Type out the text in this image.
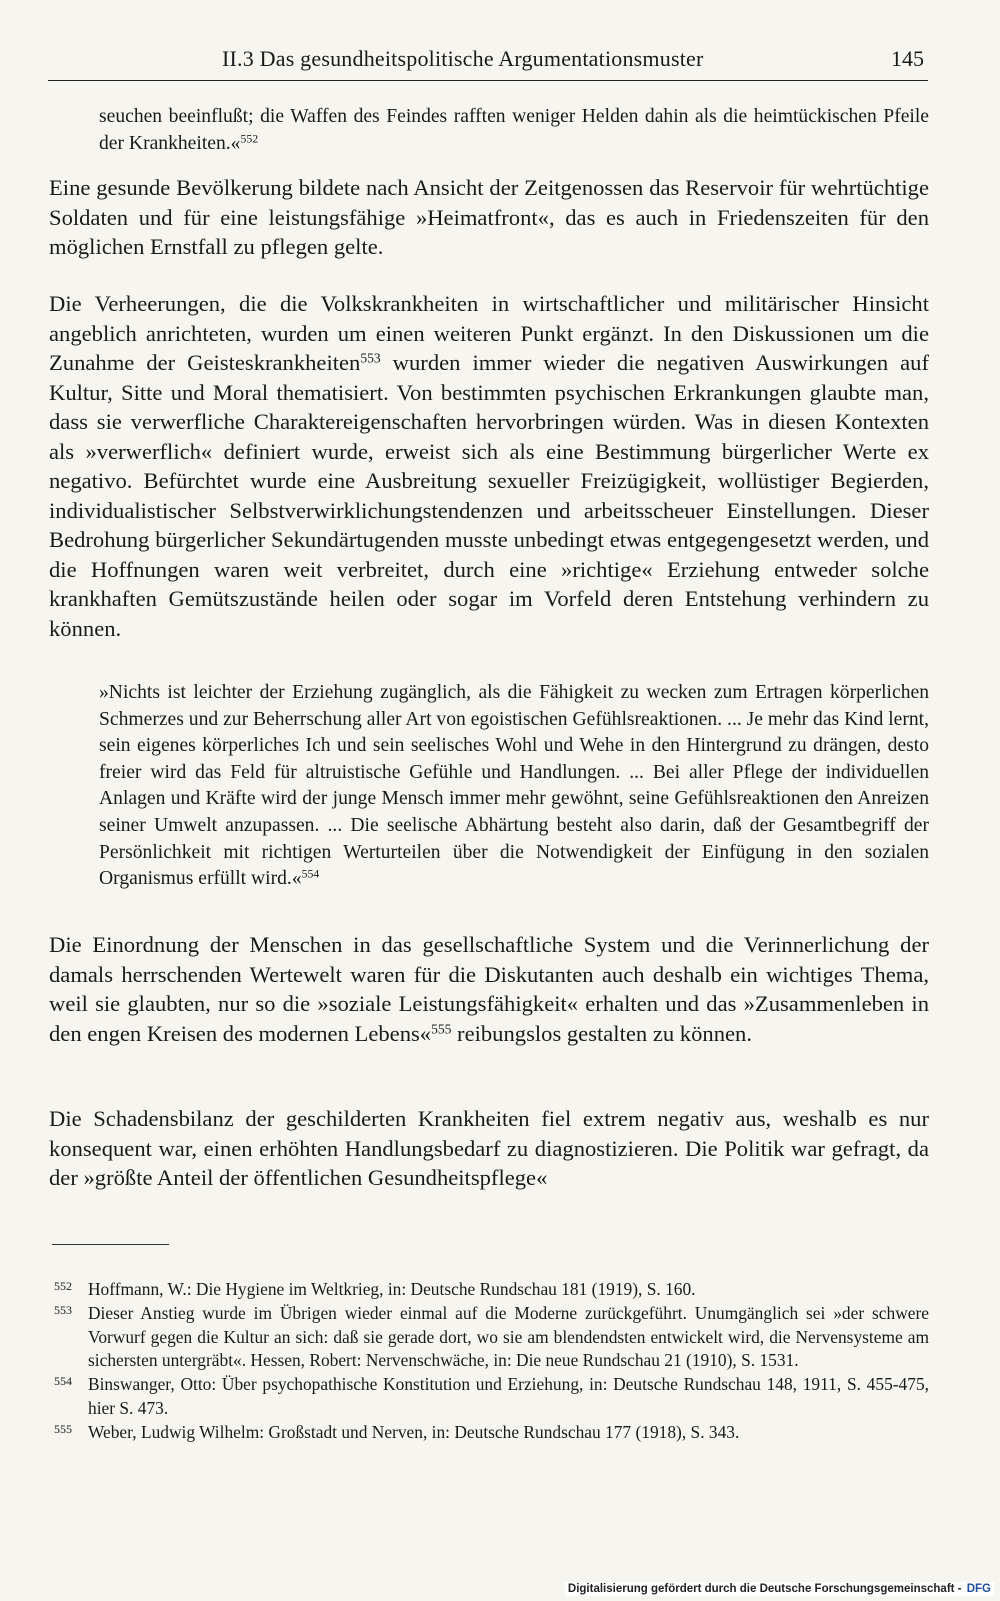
II.3 Das gesundheitspolitische Argumentationsmuster	145

seuchen beeinflußt; die Waffen des Feindes rafften weniger Helden dahin als die heimtückischen Pfeile der Krankheiten.«$^{552}$

Eine gesunde Bevölkerung bildete nach Ansicht der Zeitgenossen das Reservoir für wehrtüchtige Soldaten und für eine leistungsfähige »Heimatfront«, das es auch in Friedenszeiten für den möglichen Ernstfall zu pflegen gelte.

Die Verheerungen, die die Volkskrankheiten in wirtschaftlicher und militärischer Hinsicht angeblich anrichteten, wurden um einen weiteren Punkt ergänzt. In den Diskussionen um die Zunahme der Geisteskrankheiten$^{553}$ wurden immer wieder die negativen Auswirkungen auf Kultur, Sitte und Moral thematisiert. Von bestimmten psychischen Erkrankungen glaubte man, dass sie verwerfliche Charaktereigenschaften hervorbringen würden. Was in diesen Kontexten als »verwerflich« definiert wurde, erweist sich als eine Bestimmung bürgerlicher Werte ex negativo. Befürchtet wurde eine Ausbreitung sexueller Freizügigkeit, wollüstiger Begierden, individualistischer Selbstverwirklichungstendenzen und arbeitsscheuer Einstellungen. Dieser Bedrohung bürgerlicher Sekundärtugenden musste unbedingt etwas entgegengesetzt werden, und die Hoffnungen waren weit verbreitet, durch eine »richtige« Erziehung entweder solche krankhaften Gemütszustände heilen oder sogar im Vorfeld deren Entstehung verhindern zu können.

»Nichts ist leichter der Erziehung zugänglich, als die Fähigkeit zu wecken zum Ertragen körperlichen Schmerzes und zur Beherrschung aller Art von egoistischen Gefühlsreaktionen. ... Je mehr das Kind lernt, sein eigenes körperliches Ich und sein seelisches Wohl und Wehe in den Hintergrund zu drängen, desto freier wird das Feld für altruistische Gefühle und Handlungen. ... Bei aller Pflege der individuellen Anlagen und Kräfte wird der junge Mensch immer mehr gewöhnt, seine Gefühlsreaktionen den Anreizen seiner Umwelt anzupassen. ... Die seelische Abhärtung besteht also darin, daß der Gesamtbegriff der Persönlichkeit mit richtigen Werturteilen über die Notwendigkeit der Einfügung in den sozialen Organismus erfüllt wird.«$^{554}$

Die Einordnung der Menschen in das gesellschaftliche System und die Verinnerlichung der damals herrschenden Wertewelt waren für die Diskutanten auch deshalb ein wichtiges Thema, weil sie glaubten, nur so die »soziale Leistungsfähigkeit« erhalten und das »Zusammenleben in den engen Kreisen des modernen Lebens«$^{555}$ reibungslos gestalten zu können.

Die Schadensbilanz der geschilderten Krankheiten fiel extrem negativ aus, weshalb es nur konsequent war, einen erhöhten Handlungsbedarf zu diagnostizieren. Die Politik war gefragt, da der »größte Anteil der öffentlichen Gesundheitspflege«

552 Hoffmann, W.: Die Hygiene im Weltkrieg, in: Deutsche Rundschau 181 (1919), S. 160.

553 Dieser Anstieg wurde im Übrigen wieder einmal auf die Moderne zurückgeführt. Unumgänglich sei »der schwere Vorwurf gegen die Kultur an sich: daß sie gerade dort, wo sie am blendendsten entwickelt wird, die Nervensysteme am sichersten untergräbt«. Hessen, Robert: Nervenschwäche, in: Die neue Rundschau 21 (1910), S. 1531.

554 Binswanger, Otto: Über psychopathische Konstitution und Erziehung, in: Deutsche Rundschau 148, 1911, S. 455-475, hier S. 473.

555 Weber, Ludwig Wilhelm: Großstadt und Nerven, in: Deutsche Rundschau 177 (1918), S. 343.

Digitalisierung gefördert durch die Deutsche Forschungsgemeinschaft - DFG
